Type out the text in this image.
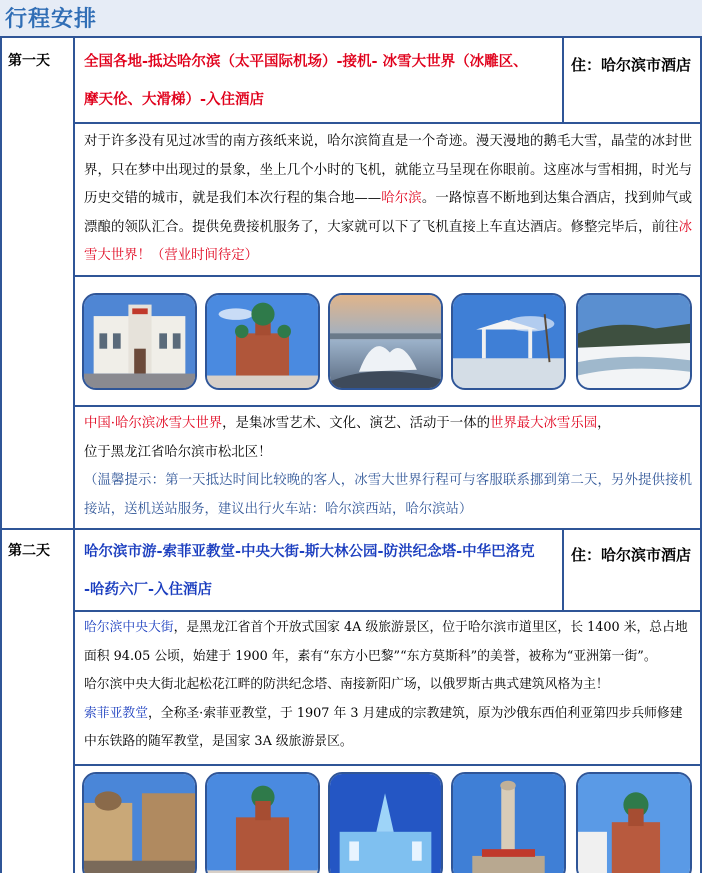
行程安排
第一天 全国各地-抵达哈尔滨（太平国际机场）-接机- 冰雪大世界（冰雕区、
摩天伦、大滑梯）-入住酒店
住：哈尔滨市酒店
对于许多没有见过冰雪的南方孩纸来说，哈尔滨简直是一个奇迹。漫天漫地的鹅毛大雪，晶莹的冰封世界，只在梦中出现过的景象，坐上几个小时的飞机，就能立马呈现在你眼前。这座冰与雪相拥，时光与历史交错的城市，就是我们本次行程的集合地——哈尔滨。一路惊喜不断地到达集合酒店，找到帅气或漂酿的领队汇合。提供免费接机服务了，大家就可以下了飞机直接上车直达酒店。修整完毕后，前往冰雪大世界！（营业时间待定）
中国·哈尔滨冰雪大世界，是集冰雪艺术、文化、演艺、活动于一体的世界最大冰雪乐园，
位于黑龙江省哈尔滨市松北区！
（温馨提示：第一天抵达时间比较晚的客人，冰雪大世界行程可与客服联系挪到第二天，另外提供接机接站，送机送站服务，建议出行火车站：哈尔滨西站，哈尔滨站）
第二天 哈尔滨市游-索菲亚教堂-中央大街-斯大林公园-防洪纪念塔-中华巴洛克
-哈药六厂-入住酒店
住：哈尔滨市酒店
哈尔滨中央大街，是黑龙江省首个开放式国家 4A 级旅游景区，位于哈尔滨市道里区，长 1400 米，总占地面积 94.05 公顷，始建于 1900 年，素有“东方小巴黎”“东方莫斯科”的美誉，被称为“亚洲第一街”。
哈尔滨中央大街北起松花江畔的防洪纪念塔、南接新阳广场，以俄罗斯古典式建筑风格为主！
索菲亚教堂，全称圣·索菲亚教堂，于 1907 年 3 月建成的宗教建筑，原为沙俄东西伯利亚第四步兵师修建中东铁路的随军教堂，是国家 3A 级旅游景区。
